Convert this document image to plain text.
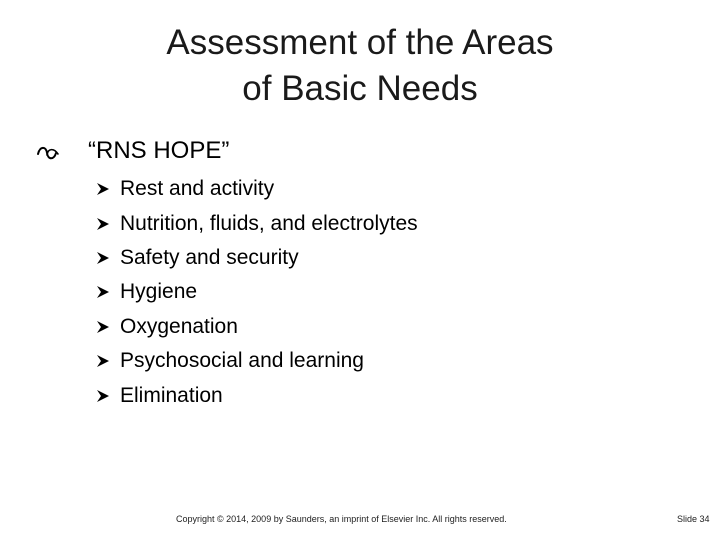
Assessment of the Areas
of Basic Needs
“RNS HOPE”
Rest and activity
Nutrition, fluids, and electrolytes
Safety and security
Hygiene
Oxygenation
Psychosocial and learning
Elimination
Copyright © 2014, 2009 by Saunders, an imprint of Elsevier Inc. All rights reserved.	Slide 34
